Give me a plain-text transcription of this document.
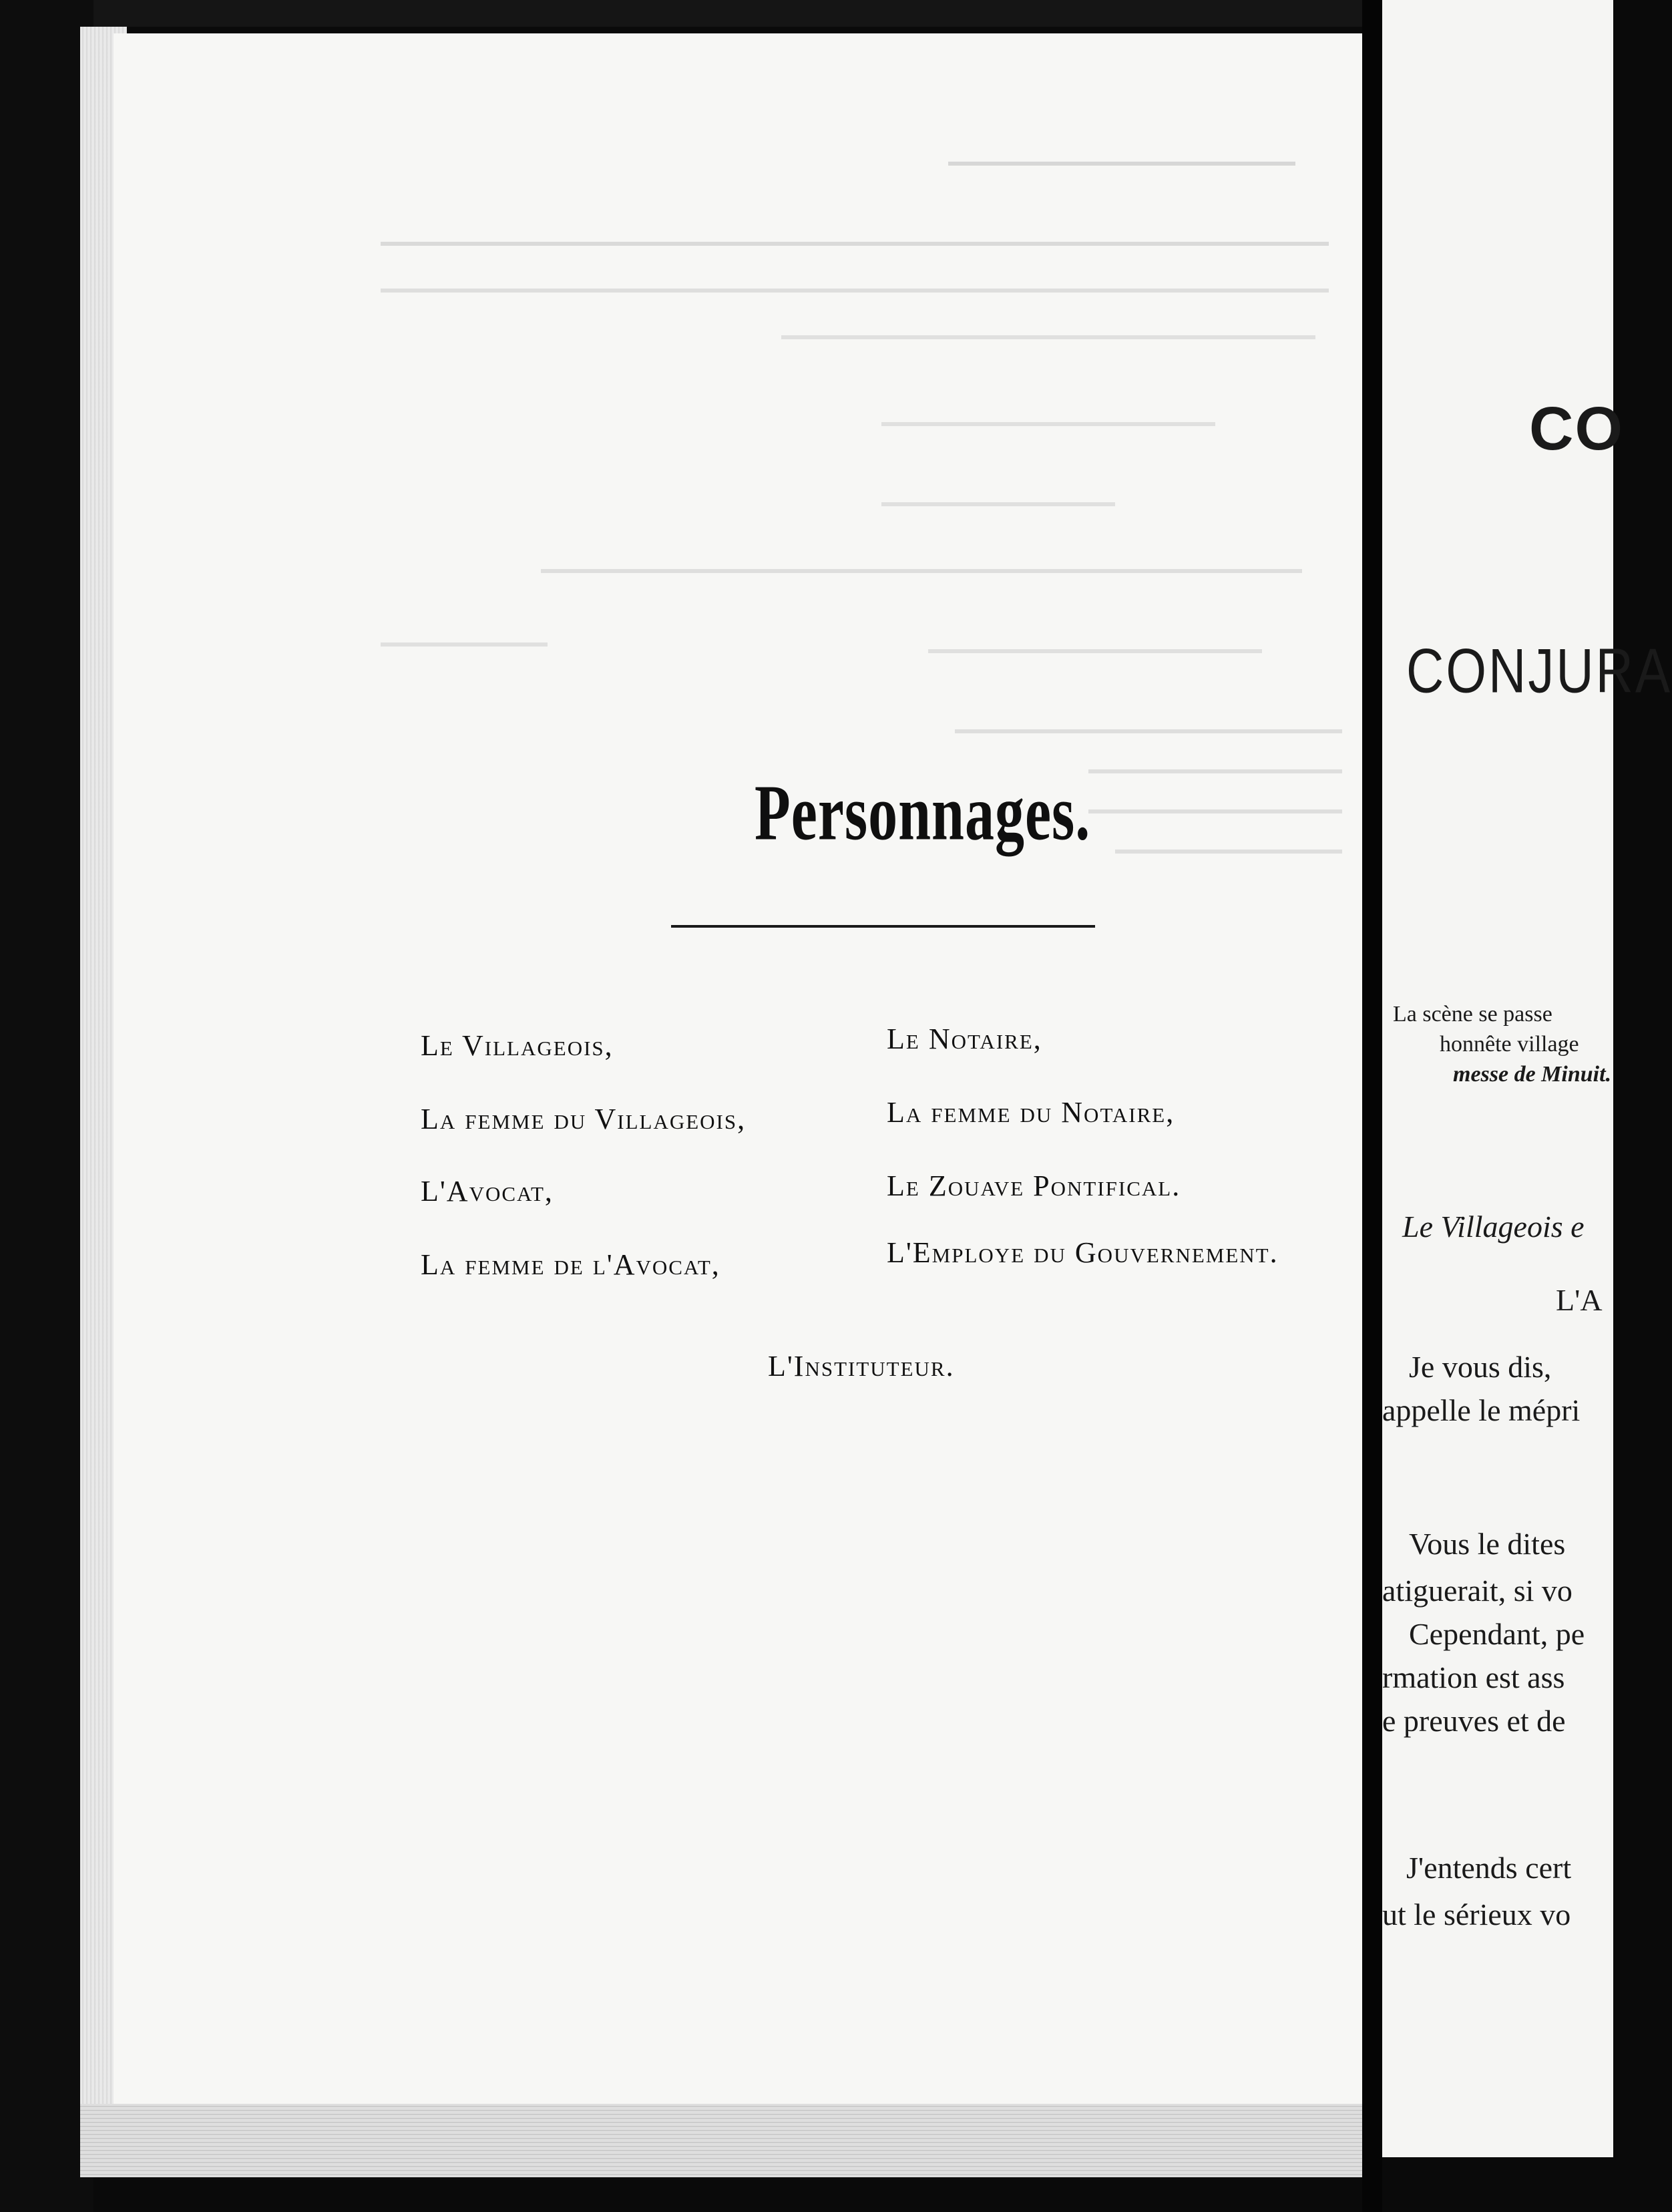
Personnages.
Le Villageois,
La femme du Villageois,
L'Avocat,
La femme de l'Avocat,
Le Notaire,
La femme du Notaire,
Le Zouave Pontifical.
L'Employe du Gouvernement.
L'Instituteur.
CO
CONJURA
La scène se passe
honnête village
messe de Minuit.
Le Villageois e
L'A
Je vous dis,
appelle le mépri
Vous le dites
atiguerait, si vo
Cependant, pe
rmation est ass
e preuves et de
J'entends cert
ut le sérieux vo
